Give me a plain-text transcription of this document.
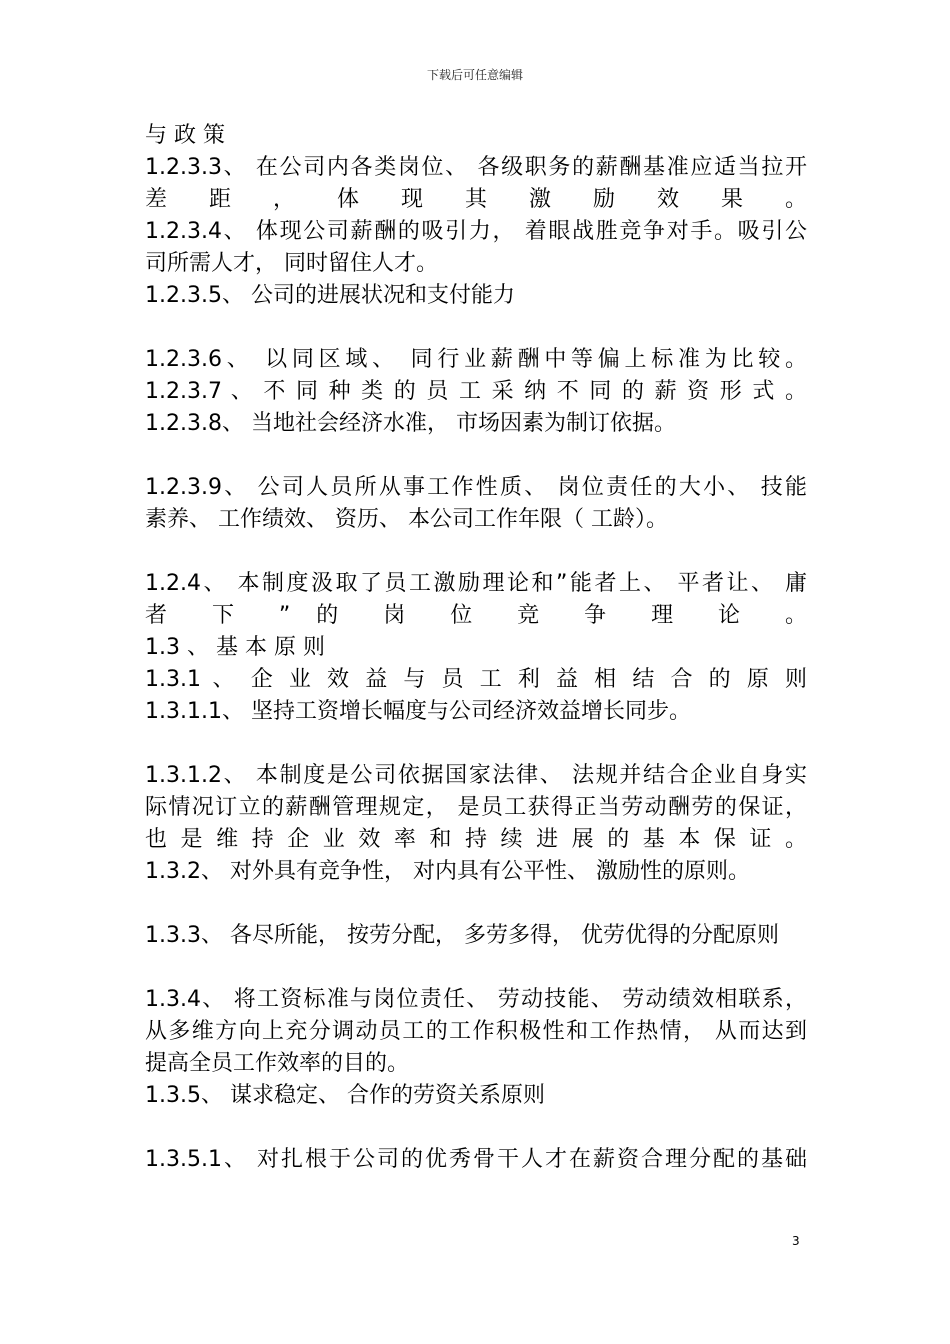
下载后可任意编辑
与 政 策
1.2.3.3、 在公司内各类岗位、 各级职务的薪酬基准应适当拉开
差 距 ， 体 现 其 激 励 效 果 。
1.2.3.4、 体现公司薪酬的吸引力， 着眼战胜竞争对手。吸引公
司所需人才， 同时留住人才。
1.2.3.5、 公司的进展状况和支付能力
1.2.3.6、 以同区域、 同行业薪酬中等偏上标准为比较。
1.2.3.7 、 不 同 种 类 的 员 工 采 纳 不 同 的 薪 资 形 式 。
1.2.3.8、 当地社会经济水准， 市场因素为制订依据。
1.2.3.9、 公司人员所从事工作性质、 岗位责任的大小、 技能
素养、 工作绩效、 资历、 本公司工作年限（ 工龄）。
1.2.4、 本制度汲取了员工激励理论和”能者上、 平者让、 庸
者 下 ” 的 岗 位 竞 争 理 论 。
1.3 、 基 本 原 则
1.3.1 、 企 业 效 益 与 员 工 利 益 相 结 合 的 原 则
1.3.1.1、 坚持工资增长幅度与公司经济效益增长同步。
1.3.1.2、 本制度是公司依据国家法律、 法规并结合企业自身实
际情况订立的薪酬管理规定， 是员工获得正当劳动酬劳的保证，
也 是 维 持 企 业 效 率 和 持 续 进 展 的 基 本 保 证 。
1.3.2、 对外具有竞争性， 对内具有公平性、 激励性的原则。
1.3.3、 各尽所能， 按劳分配， 多劳多得， 优劳优得的分配原则
1.3.4、 将工资标准与岗位责任、 劳动技能、 劳动绩效相联系，
从多维方向上充分调动员工的工作积极性和工作热情， 从而达到
提高全员工作效率的目的。
1.3.5、 谋求稳定、 合作的劳资关系原则
1.3.5.1、 对扎根于公司的优秀骨干人才在薪资合理分配的基础
3
